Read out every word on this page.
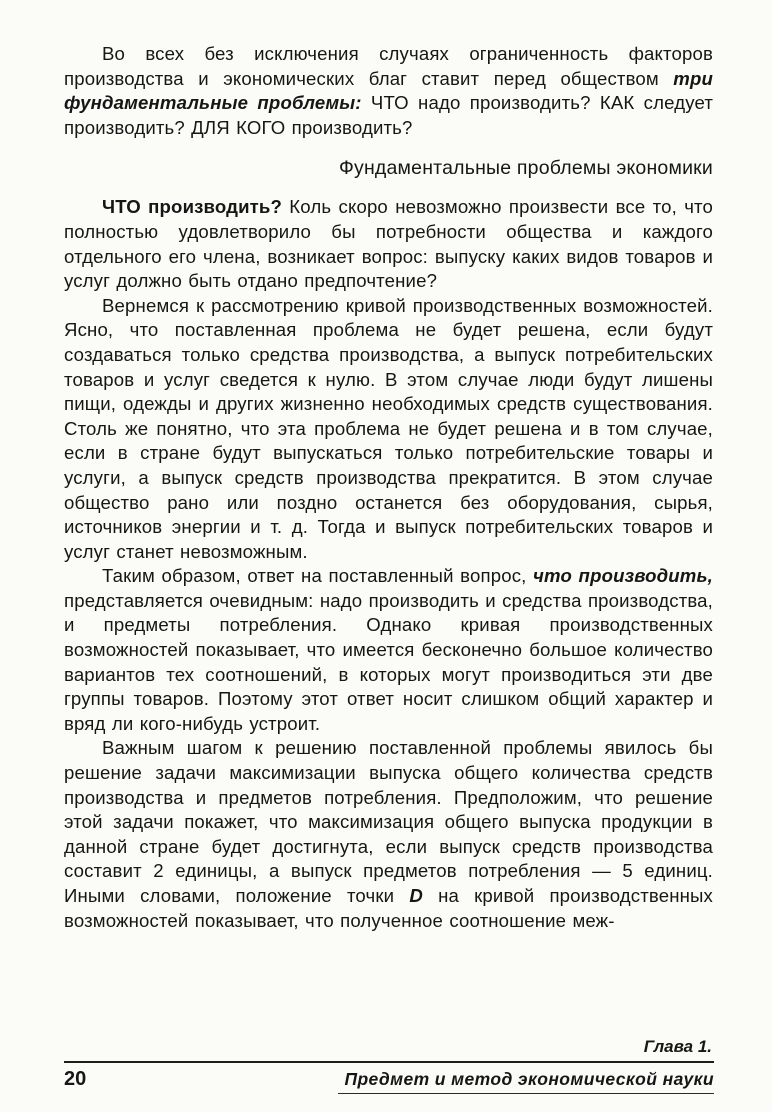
Во всех без исключения случаях ограниченность факторов производства и экономических благ ставит перед обществом три фундаментальные проблемы: ЧТО надо производить? КАК следует производить? ДЛЯ КОГО производить?

Фундаментальные проблемы экономики

ЧТО производить? Коль скоро невозможно произвести все то, что полностью удовлетворило бы потребности общества и каждого отдельного его члена, возникает вопрос: выпуску каких видов товаров и услуг должно быть отдано предпочтение?

Вернемся к рассмотрению кривой производственных возможностей. Ясно, что поставленная проблема не будет решена, если будут создаваться только средства производства, а выпуск потребительских товаров и услуг сведется к нулю. В этом случае люди будут лишены пищи, одежды и других жизненно необходимых средств существования. Столь же понятно, что эта проблема не будет решена и в том случае, если в стране будут выпускаться только потребительские товары и услуги, а выпуск средств производства прекратится. В этом случае общество рано или поздно останется без оборудования, сырья, источников энергии и т. д. Тогда и выпуск потребительских товаров и услуг станет невозможным.

Таким образом, ответ на поставленный вопрос, что производить, представляется очевидным: надо производить и средства производства, и предметы потребления. Однако кривая производственных возможностей показывает, что имеется бесконечно большое количество вариантов тех соотношений, в которых могут производиться эти две группы товаров. Поэтому этот ответ носит слишком общий характер и вряд ли кого-нибудь устроит.

Важным шагом к решению поставленной проблемы явилось бы решение задачи максимизации выпуска общего количества средств производства и предметов потребления. Предположим, что решение этой задачи покажет, что максимизация общего выпуска продукции в данной стране будет достигнута, если выпуск средств производства составит 2 единицы, а выпуск предметов потребления — 5 единиц. Иными словами, положение точки D на кривой производственных возможностей показывает, что полученное соотношение меж-

Глава 1.
20	Предмет и метод экономической науки
